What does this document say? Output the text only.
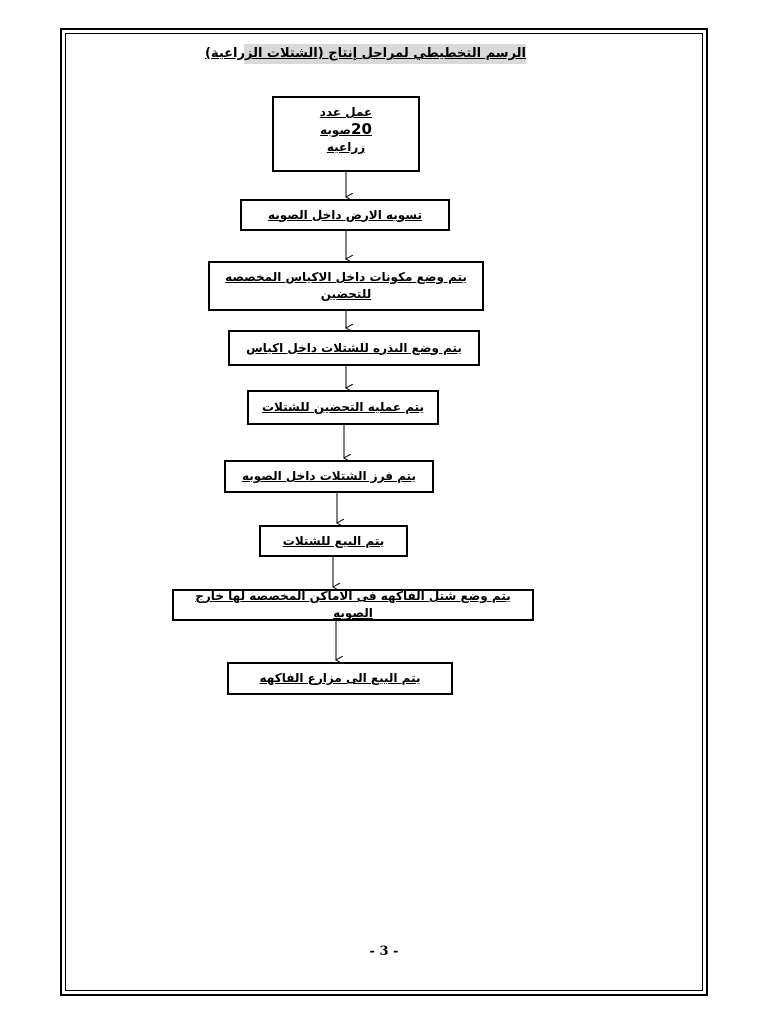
الرسم التخطيطي لمراحل إنتاج (الشتلات الزراعية)
عمل عدد 20صوبه
زراعيه
تسويه الارض داخل الصوبه
يتم وضع مكونات داخل الاكياس المخصصه للتحضين
يتم وضع البذره للشتلات داخل اكياس
يتم عمليه التحضين للشتلات
يتم فرز الشتلات داخل الصوبه
يتم البيع للشتلات
يتم وضع شتل الفاكهه فى الاماكن المخصصه لها خارج الصوبه
يتم البيع الى مزارع الفاكهه
- 3 -
